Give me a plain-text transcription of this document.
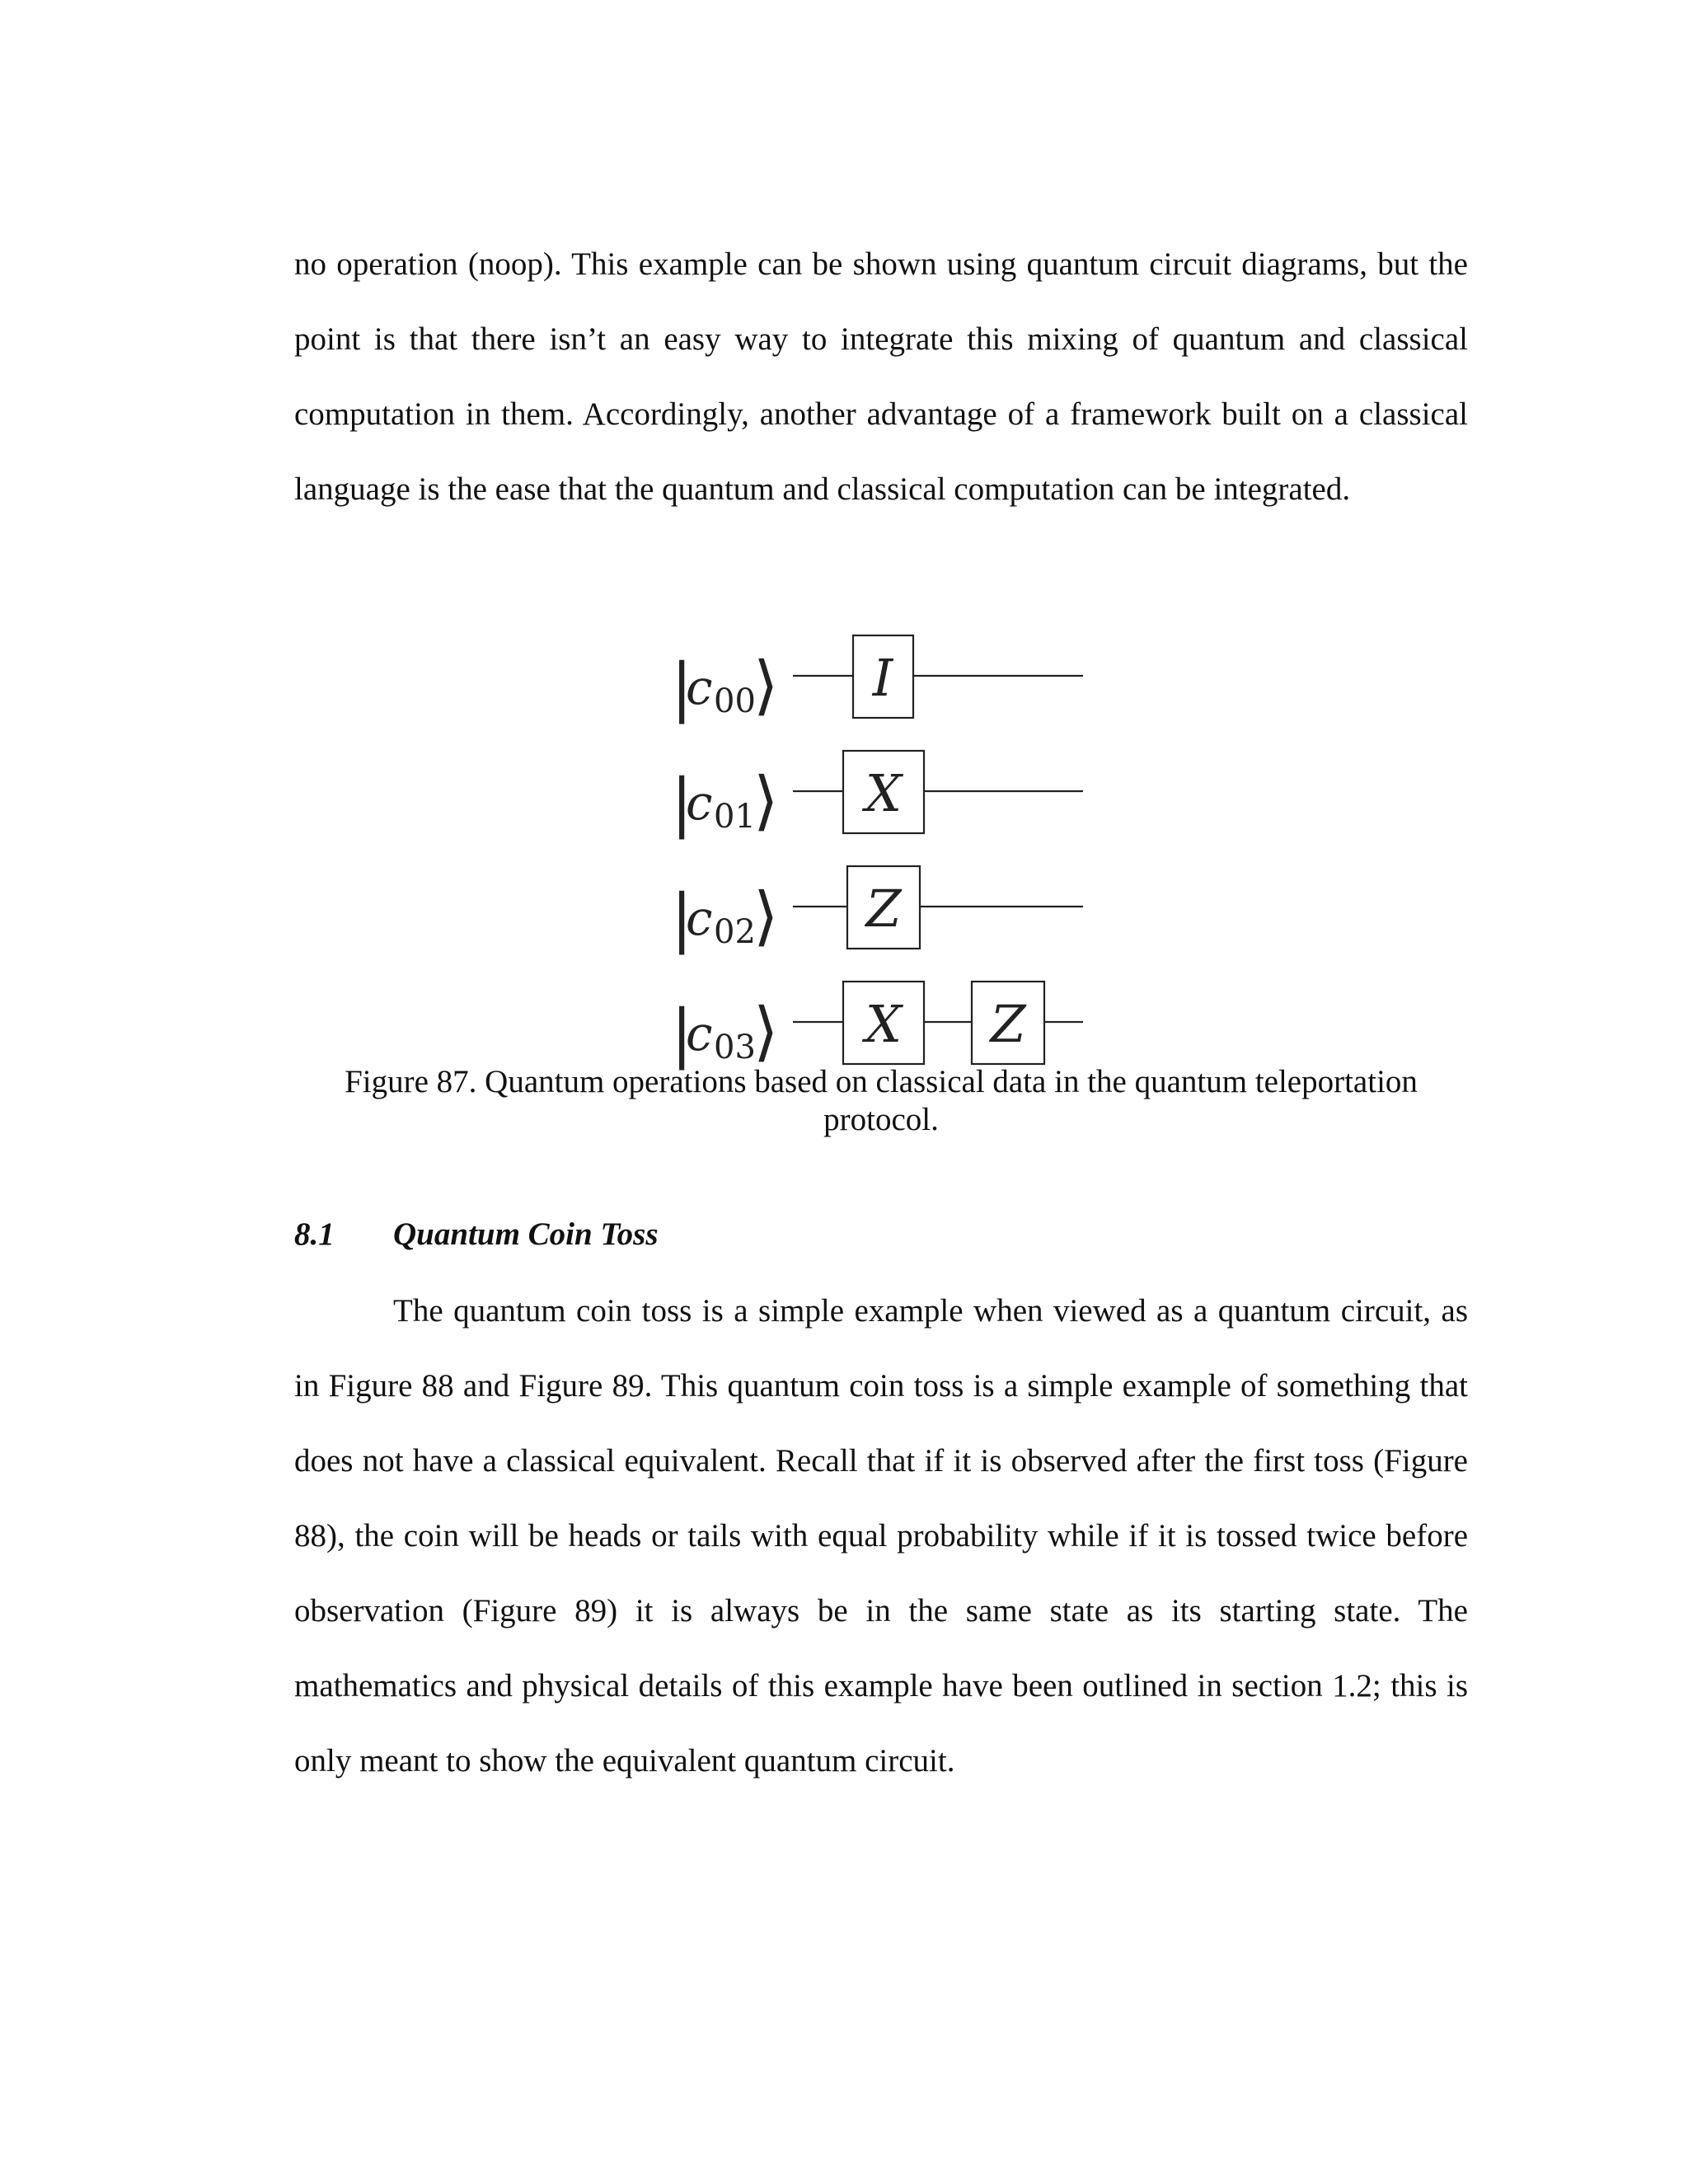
no operation (noop). This example can be shown using quantum circuit diagrams, but the
point is that there isn’t an easy way to integrate this mixing of quantum and classical
computation in them. Accordingly, another advantage of a framework built on a classical
language is the ease that the quantum and classical computation can be integrated.

|
c 00
⟩ I
|
c 01
⟩ X
|
c 02
⟩ Z
|
c 03
⟩ X Z

Figure 87. Quantum operations based on classical data in the quantum teleportation
protocol.

8.1 Quantum Coin Toss

The quantum coin toss is a simple example when viewed as a quantum circuit, as
in Figure 88 and Figure 89. This quantum coin toss is a simple example of something that
does not have a classical equivalent. Recall that if it is observed after the first toss (Figure
88), the coin will be heads or tails with equal probability while if it is tossed twice before
observation (Figure 89) it is always be in the same state as its starting state. The
mathematics and physical details of this example have been outlined in section 1.2; this is
only meant to show the equivalent quantum circuit.
